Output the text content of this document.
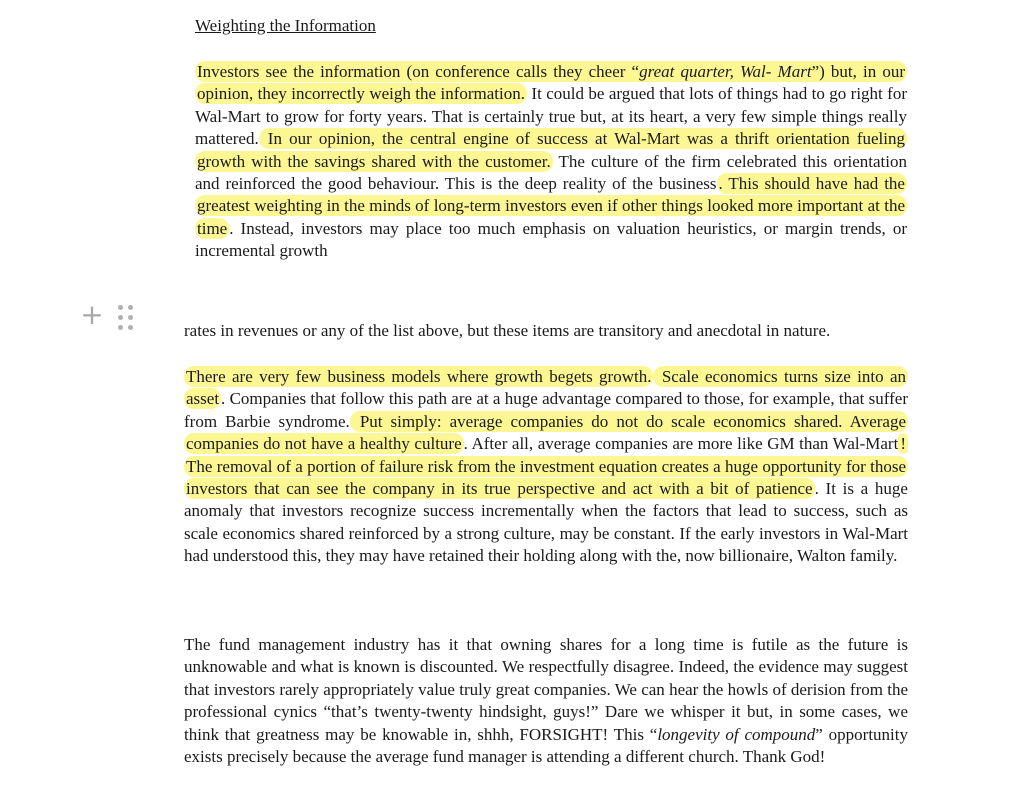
Weighting the Information

Investors see the information (on conference calls they cheer “great quarter, Wal- Mart”) but, in our opinion, they incorrectly weigh the information. It could be argued that lots of things had to go right for Wal-Mart to grow for forty years. That is certainly true but, at its heart, a very few simple things really mattered. In our opinion, the central engine of success at Wal-Mart was a thrift orientation fueling growth with the savings shared with the customer. The culture of the firm celebrated this orientation and reinforced the good behaviour. This is the deep reality of the business . This should have had the greatest weighting in the minds of long-term investors even if other things looked more important at the time . Instead, investors may place too much emphasis on valuation heuristics, or margin trends, or incremental growth

+	rates in revenues or any of the list above, but these items are transitory and anecdotal in nature.

There are very few business models where growth begets growth. Scale economics turns size into an asset . Companies that follow this path are at a huge advantage compared to those, for example, that suffer from Barbie syndrome. Put simply: average companies do not do scale economics shared. Average companies do not have a healthy culture . After all, average companies are more like GM than Wal-Mart ! The removal of a portion of failure risk from the investment equation creates a huge opportunity for those investors that can see the company in its true perspective and act with a bit of patience . It is a huge anomaly that investors recognize success incrementally when the factors that lead to success, such as scale economics shared reinforced by a strong culture, may be constant. If the early investors in Wal-Mart had understood this, they may have retained their holding along with the, now billionaire, Walton family.

The fund management industry has it that owning shares for a long time is futile as the future is unknowable and what is known is discounted. We respectfully disagree. Indeed, the evidence may suggest that investors rarely appropriately value truly great companies. We can hear the howls of derision from the professional cynics “that’s twenty-twenty hindsight, guys!” Dare we whisper it but, in some cases, we think that greatness may be knowable in, shhh, FORSIGHT! This “longevity of compound” opportunity exists precisely because the average fund manager is attending a different church. Thank God!
